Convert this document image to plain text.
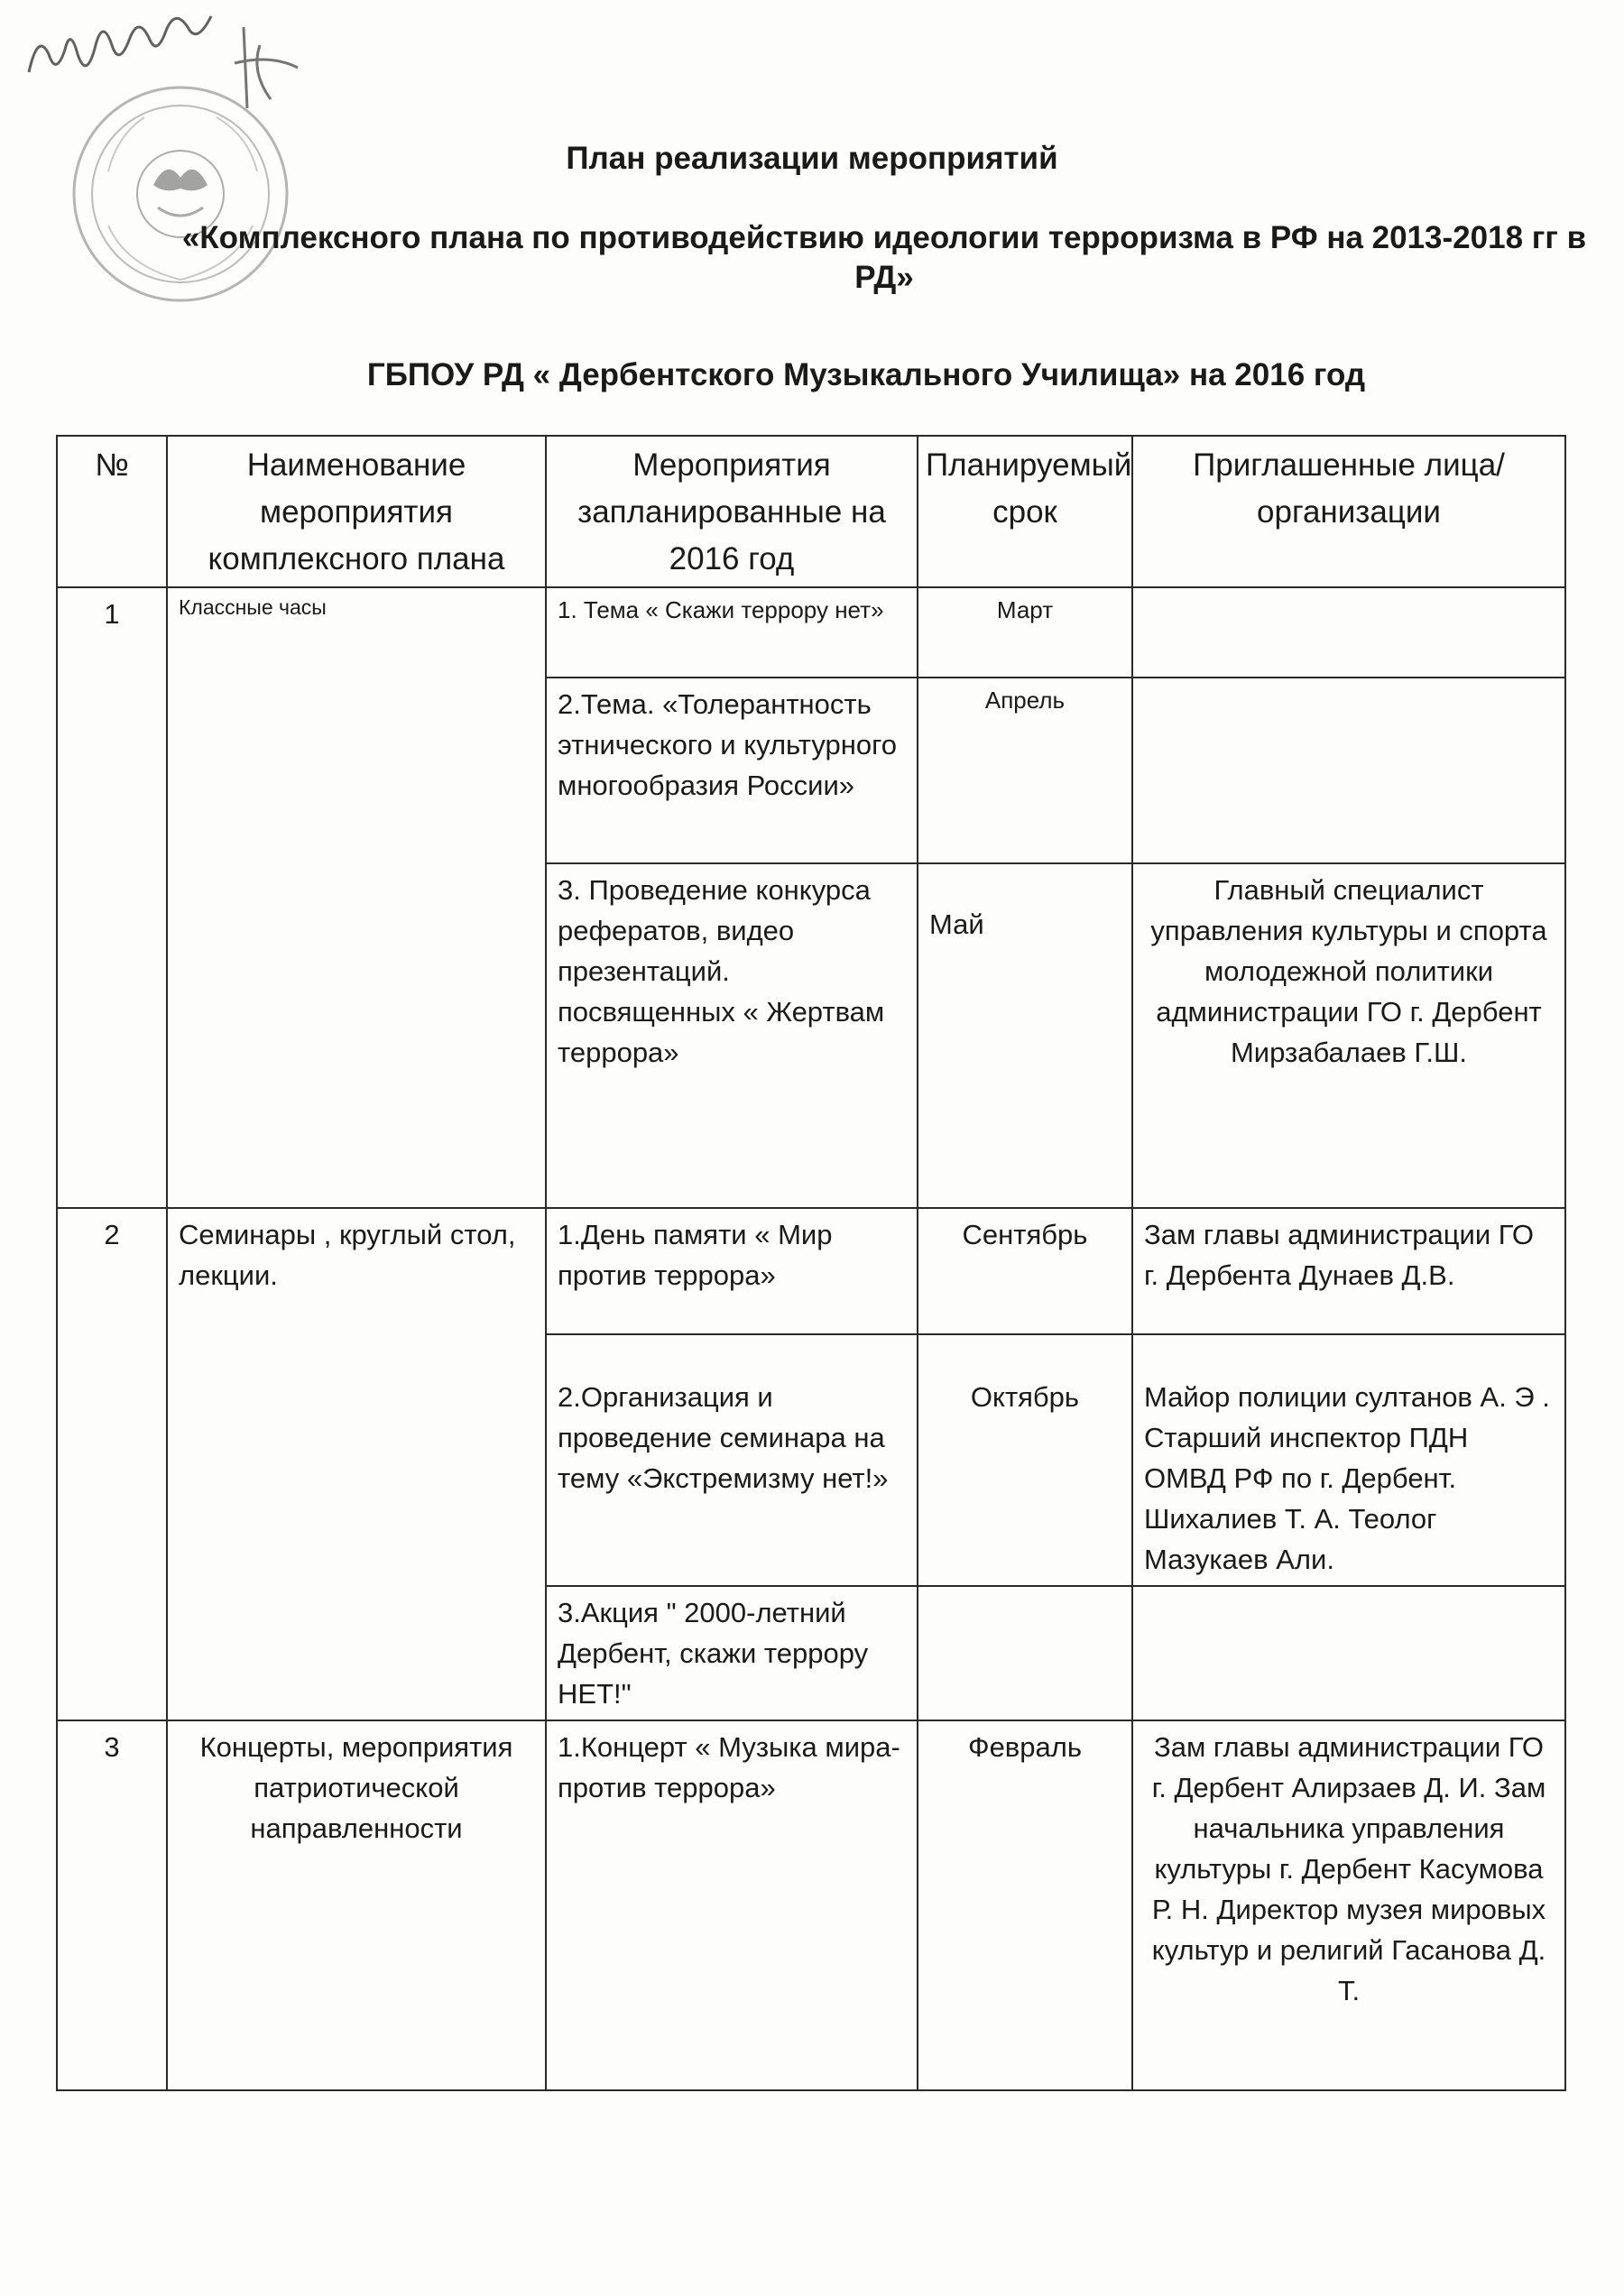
План реализации мероприятий
«Комплексного плана по противодействию идеологии терроризма в РФ на 2013-2018 гг в РД»
ГБПОУ РД « Дербентского Музыкального Училища» на 2016 год
№	Наименование мероприятия комплексного плана	Мероприятия запланированные на 2016 год	Планируемый срок	Приглашенные лица/организации
1	Классные часы	1. Тема « Скажи террору нет»	Март	
		2.Тема. «Толерантность этнического и культурного многообразия России»	Апрель	
		3. Проведение конкурса рефератов, видео презентаций. посвященных « Жертвам террора»	Май	Главный специалист управления культуры и спорта молодежной политики администрации ГО г. Дербент Мирзабалаев Г.Ш.
2	Семинары , круглый стол, лекции.	1.День памяти « Мир против террора»	Сентябрь	Зам главы администрации ГО г. Дербента Дунаев Д.В.
		2.Организация и проведение семинара на тему «Экстремизму нет!»	Октябрь	Майор полиции султанов А. Э . Старший инспектор ПДН ОМВД РФ по г. Дербент. Шихалиев Т. А. Теолог Мазукаев Али.
		3.Акция " 2000-летний Дербент, скажи террору НЕТ!"		
3	Концерты, мероприятия патриотической направленности	1.Концерт « Музыка мира- против террора»	Февраль	Зам главы администрации ГО г. Дербент Алирзаев Д. И. Зам начальника управления культуры г. Дербент Касумова Р. Н. Директор музея мировых культур и религий Гасанова Д. Т.
